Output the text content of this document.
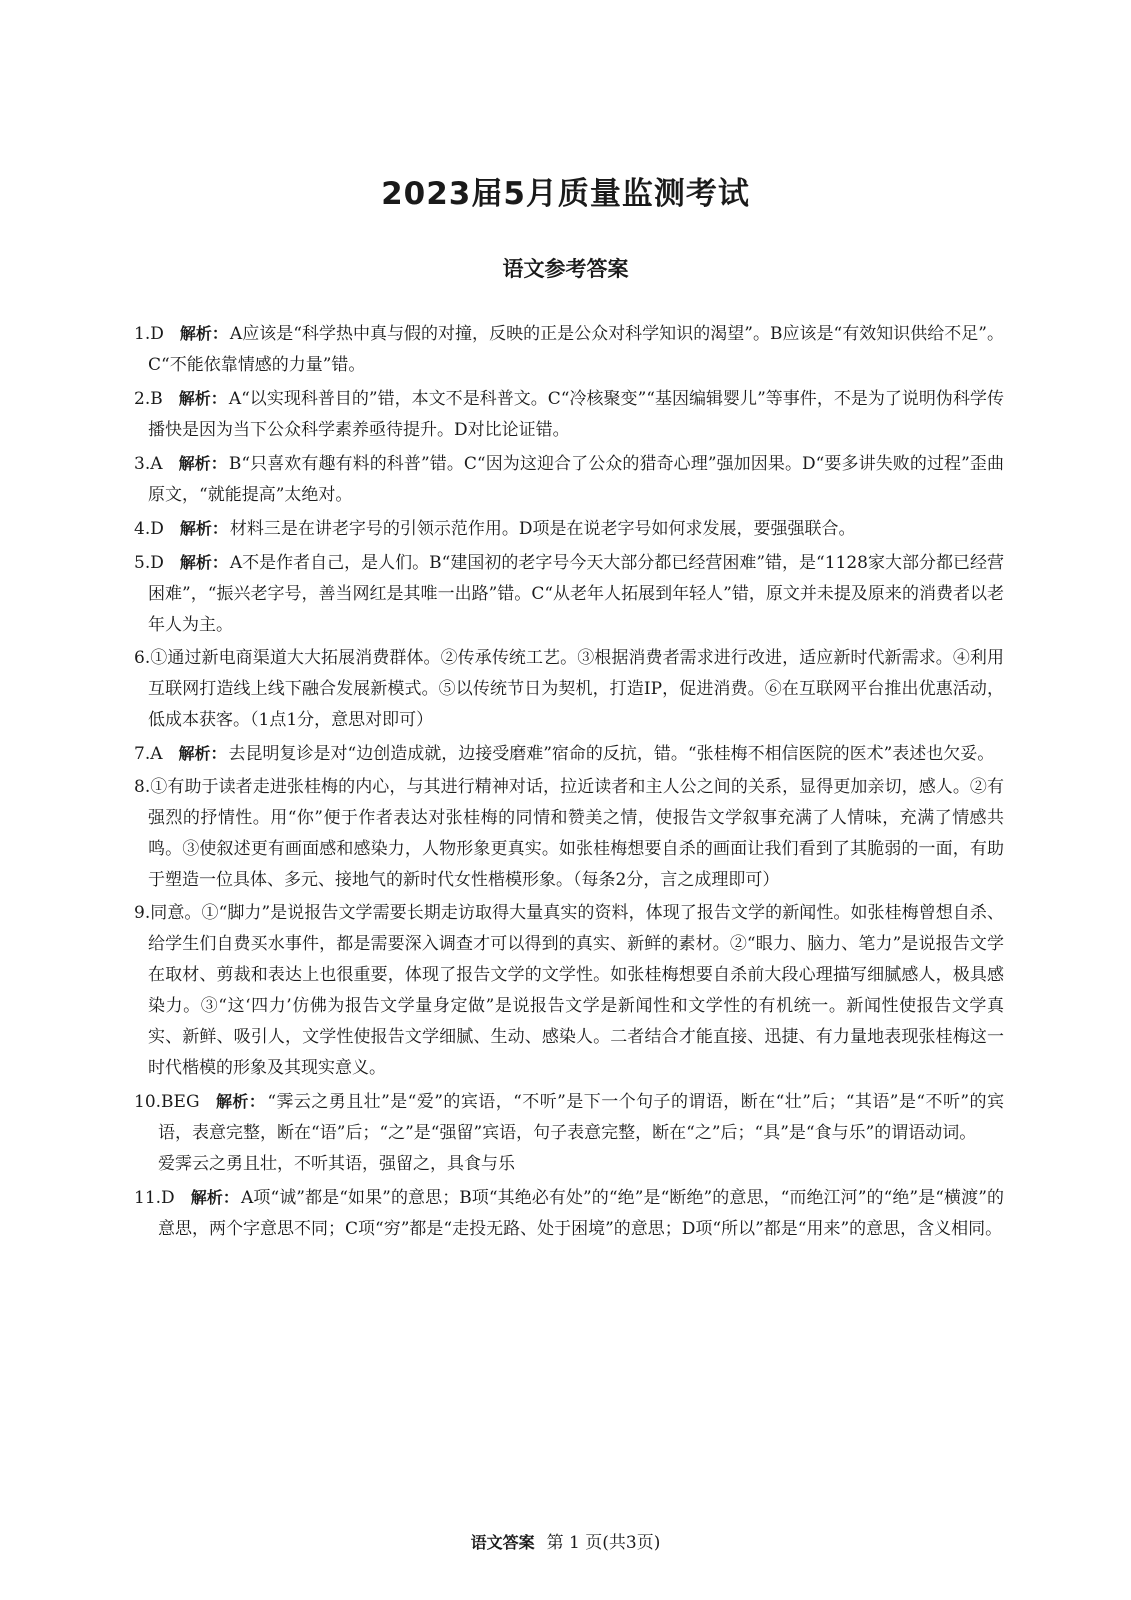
2023届5月质量监测考试
语文参考答案
1.D 解析： A应该是“科学热中真与假的对撞，反映的正是公众对科学知识的渴望”。B应该是“有效知识供给不足”。C“不能依靠情感的力量”错。
2.B 解析： A“以实现科普目的”错，本文不是科普文。C“冷核聚变”“基因编辑婴儿”等事件，不是为了说明伪科学传播快是因为当下公众科学素养亟待提升。D对比论证错。
3.A 解析： B“只喜欢有趣有料的科普”错。C“因为这迎合了公众的猎奇心理”强加因果。D“要多讲失败的过程”歪曲原文，“就能提高”太绝对。
4.D 解析： 材料三是在讲老字号的引领示范作用。D项是在说老字号如何求发展，要强强联合。
5.D 解析： A不是作者自己，是人们。B“建国初的老字号今天大部分都已经营困难”错，是“1128家大部分都已经营困难”，“振兴老字号，善当网红是其唯一出路”错。C“从老年人拓展到年轻人”错，原文并未提及原来的消费者以老年人为主。
6.①通过新电商渠道大大拓展消费群体。②传承传统工艺。③根据消费者需求进行改进，适应新时代新需求。④利用互联网打造线上线下融合发展新模式。⑤以传统节日为契机，打造IP，促进消费。⑥在互联网平台推出优惠活动，低成本获客。（1点1分，意思对即可）
7.A 解析： 去昆明复诊是对“边创造成就，边接受磨难”宿命的反抗，错。“张桂梅不相信医院的医术”表述也欠妥。
8.①有助于读者走进张桂梅的内心，与其进行精神对话，拉近读者和主人公之间的关系，显得更加亲切，感人。②有强烈的抒情性。用“你”便于作者表达对张桂梅的同情和赞美之情，使报告文学叙事充满了人情味，充满了情感共鸣。③使叙述更有画面感和感染力，人物形象更真实。如张桂梅想要自杀的画面让我们看到了其脆弱的一面，有助于塑造一位具体、多元、接地气的新时代女性楷模形象。（每条2分，言之成理即可）
9.同意。①“脚力”是说报告文学需要长期走访取得大量真实的资料，体现了报告文学的新闻性。如张桂梅曾想自杀、给学生们自费买水事件，都是需要深入调查才可以得到的真实、新鲜的素材。②“眼力、脑力、笔力”是说报告文学在取材、剪裁和表达上也很重要，体现了报告文学的文学性。如张桂梅想要自杀前大段心理描写细腻感人，极具感染力。③“这‘四力’仿佛为报告文学量身定做”是说报告文学是新闻性和文学性的有机统一。新闻性使报告文学真实、新鲜、吸引人，文学性使报告文学细腻、生动、感染人。二者结合才能直接、迅捷、有力量地表现张桂梅这一时代楷模的形象及其现实意义。
10.BEG 解析： “霁云之勇且壮”是“爱”的宾语，“不听”是下一个句子的谓语，断在“壮”后；“其语”是“不听”的宾语，表意完整，断在“语”后；“之”是“强留”宾语，句子表意完整，断在“之”后；“具”是“食与乐”的谓语动词。
爱霁云之勇且壮，不听其语，强留之，具食与乐
11.D 解析： A项“诚”都是“如果”的意思；B项“其绝必有处”的“绝”是“断绝”的意思，“而绝江河”的“绝”是“横渡”的意思，两个字意思不同；C项“穷”都是“走投无路、处于困境”的意思；D项“所以”都是“用来”的意思，含义相同。
语文答案 第 1 页(共3页)
